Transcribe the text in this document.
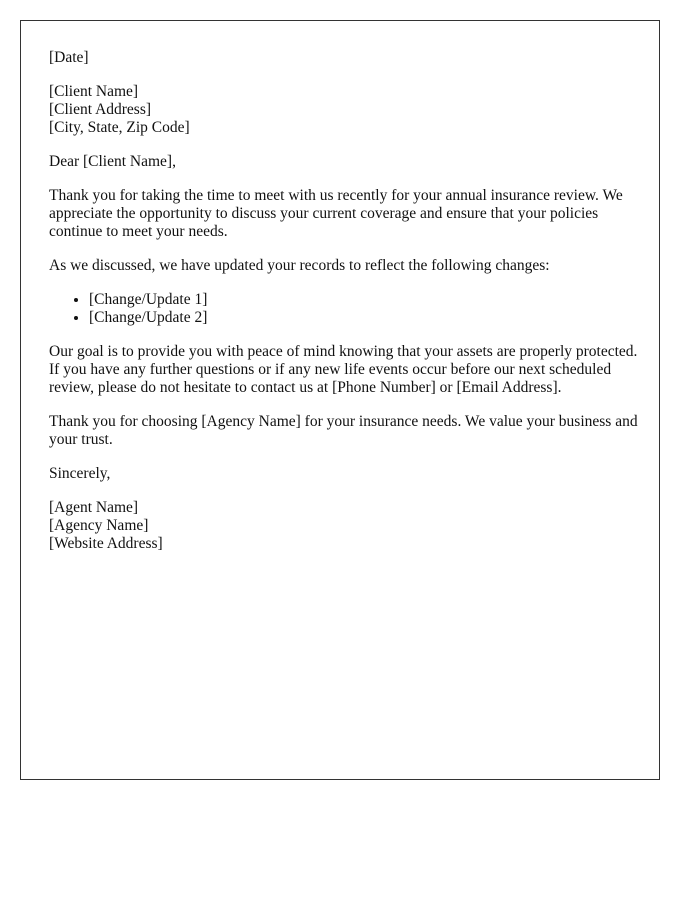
[Date]

[Client Name]
[Client Address]
[City, State, Zip Code]

Dear [Client Name],

Thank you for taking the time to meet with us recently for your annual insurance review. We appreciate the opportunity to discuss your current coverage and ensure that your policies continue to meet your needs.

As we discussed, we have updated your records to reflect the following changes:

• [Change/Update 1]
• [Change/Update 2]

Our goal is to provide you with peace of mind knowing that your assets are properly protected. If you have any further questions or if any new life events occur before our next scheduled review, please do not hesitate to contact us at [Phone Number] or [Email Address].

Thank you for choosing [Agency Name] for your insurance needs. We value your business and your trust.

Sincerely,

[Agent Name]
[Agency Name]
[Website Address]
